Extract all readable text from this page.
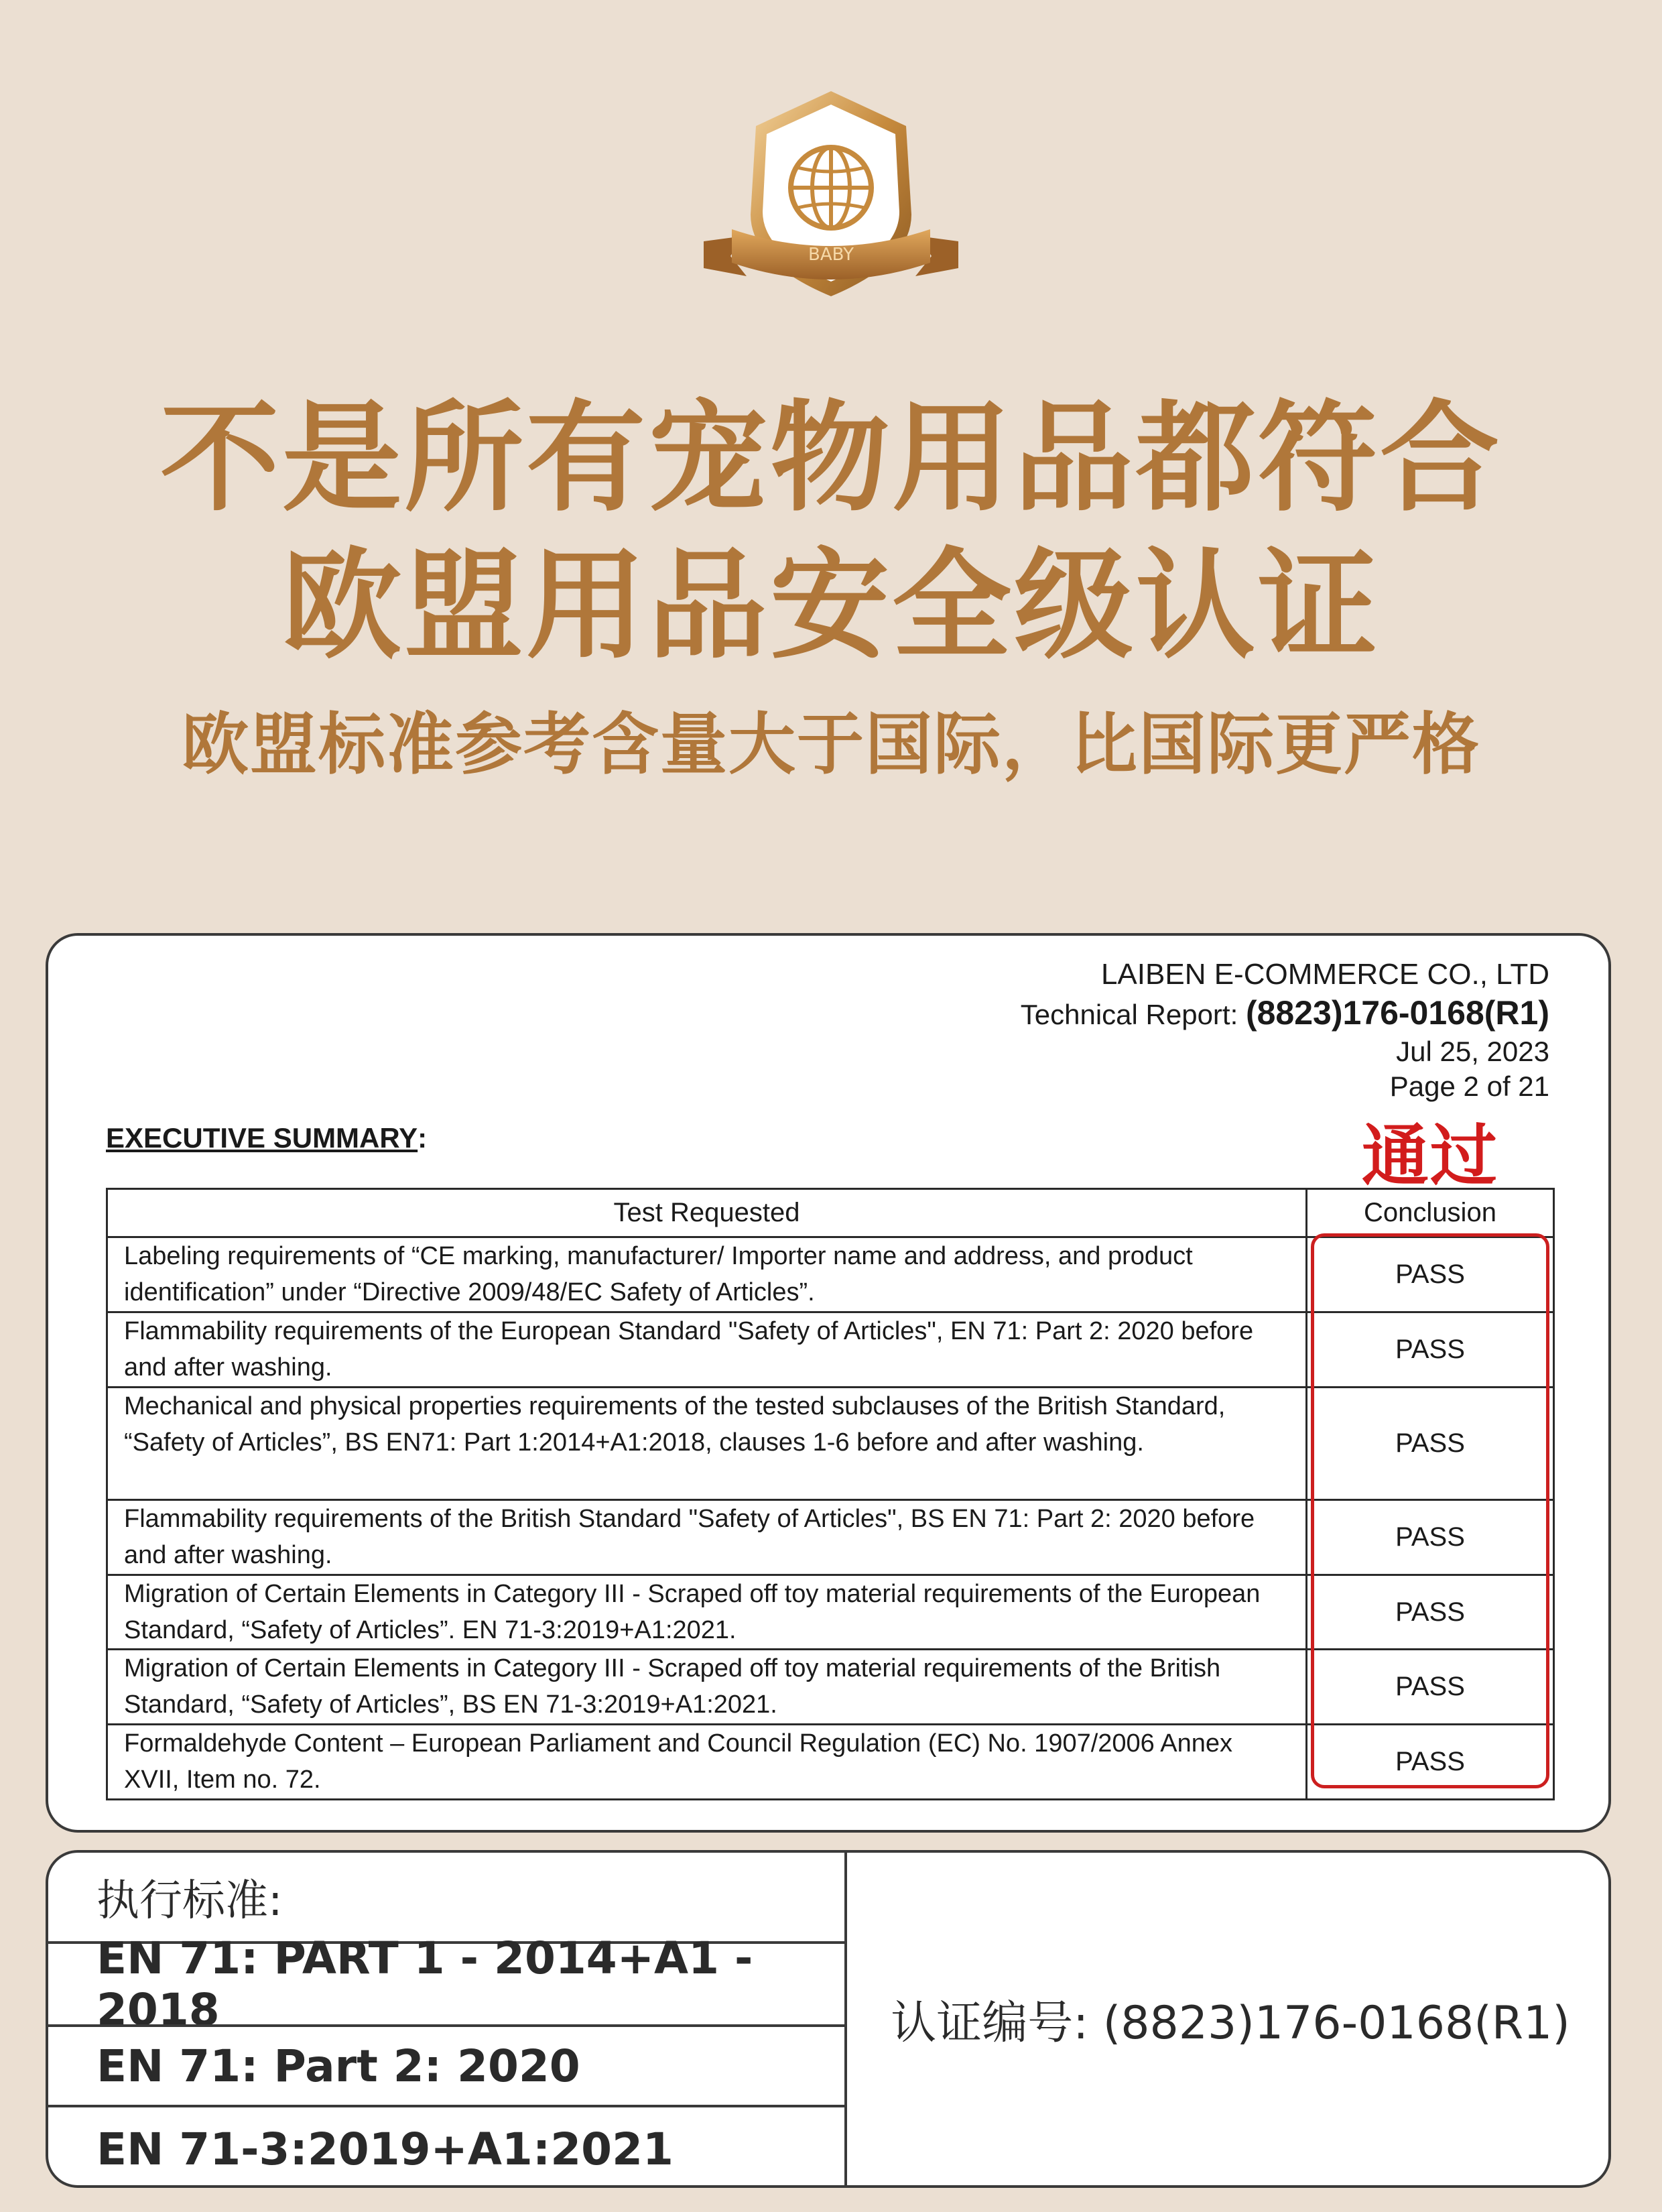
BABY
不是所有宠物用品都符合
欧盟用品安全级认证
欧盟标准参考含量大于国际，比国际更严格
LAIBEN E-COMMERCE CO., LTD
Technical Report: (8823)176-0168(R1)
Jul 25, 2023
Page 2 of 21
EXECUTIVE SUMMARY:	通过
Test Requested	Conclusion
Labeling requirements of “CE marking, manufacturer/ Importer name and address, and product identification” under “Directive 2009/48/EC Safety of Articles”.	PASS
Flammability requirements of the European Standard "Safety of Articles", EN 71: Part 2: 2020 before and after washing.	PASS
Mechanical and physical properties requirements of the tested subclauses of the British Standard, “Safety of Articles”, BS EN71: Part 1:2014+A1:2018, clauses 1-6 before and after washing.	PASS
Flammability requirements of the British Standard "Safety of Articles", BS EN 71: Part 2: 2020 before and after washing.	PASS
Migration of Certain Elements in Category III - Scraped off toy material requirements of the European Standard, “Safety of Articles”. EN 71-3:2019+A1:2021.	PASS
Migration of Certain Elements in Category III - Scraped off toy material requirements of the British Standard, “Safety of Articles”, BS EN 71-3:2019+A1:2021.	PASS
Formaldehyde Content – European Parliament and Council Regulation (EC) No. 1907/2006 Annex XVII, Item no. 72.	PASS
执行标准:
EN 71: PART 1 - 2014+A1 - 2018
EN 71: Part 2: 2020
EN 71-3:2019+A1:2021
认证编号: (8823)176-0168(R1)
